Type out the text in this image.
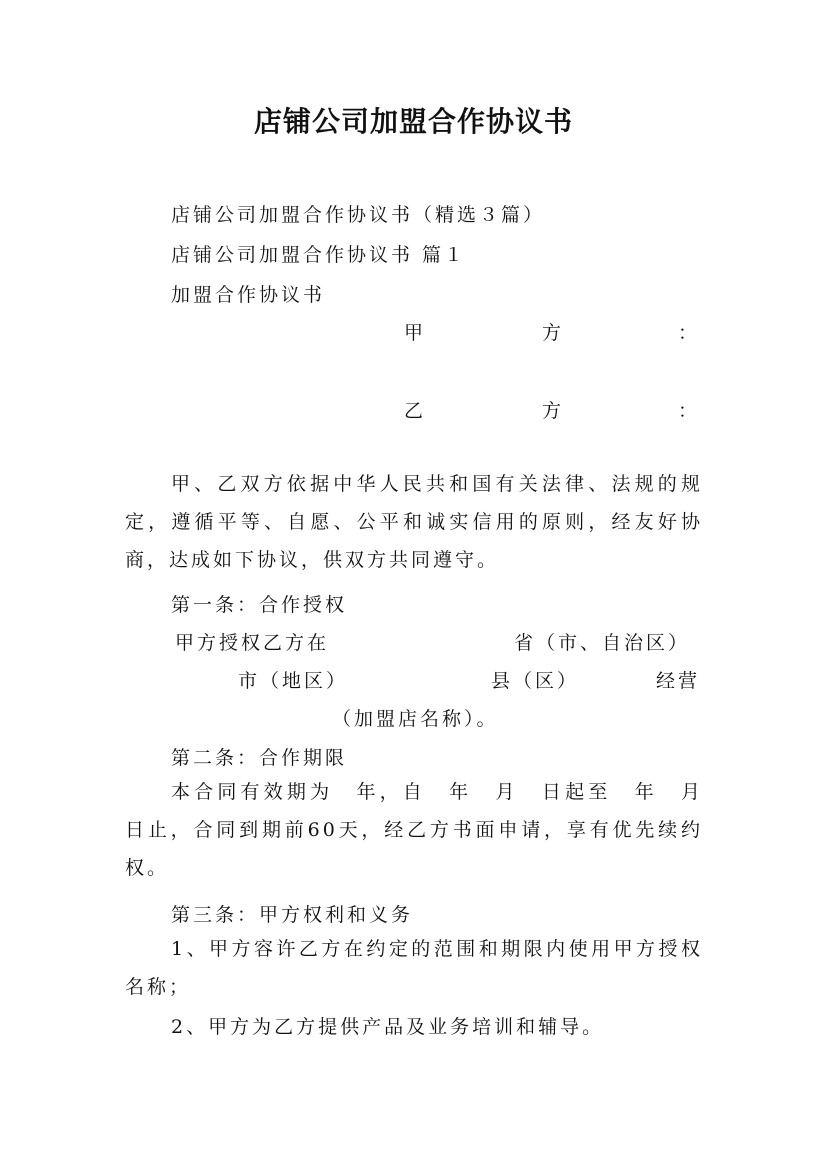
店铺公司加盟合作协议书
店铺公司加盟合作协议书（精选３篇）
店铺公司加盟合作协议书 篇１
加盟合作协议书
甲	方	：
乙	方	：
甲、乙双方依据中华人民共和国有关法律、法规的规定，遵循平等、自愿、公平和诚实信用的原则，经友好协商，达成如下协议，供双方共同遵守。
第一条：合作授权
甲方授权乙方在	省（市、自治区）
市（地区）	县（区）	经营
（加盟店名称）。
第二条：合作期限
本合同有效期为　年，自　年　月　日起至　年　月　日止，合同到期前60天，经乙方书面申请，享有优先续约权。
第三条：甲方权利和义务
1、甲方容许乙方在约定的范围和期限内使用甲方授权名称；
2、甲方为乙方提供产品及业务培训和辅导。
